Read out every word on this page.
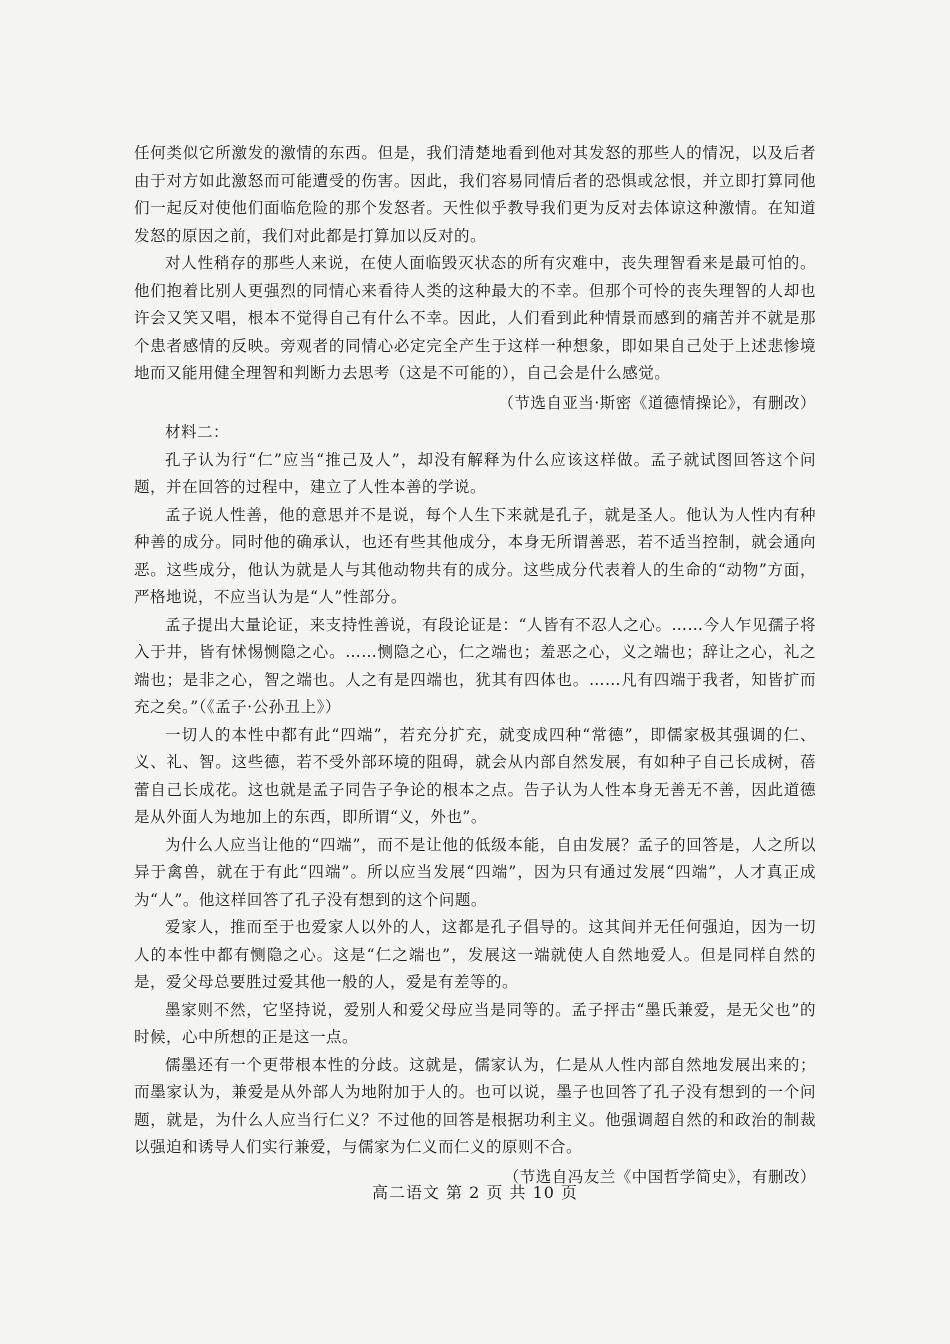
任何类似它所激发的激情的东西。但是，我们清楚地看到他对其发怒的那些人的情况，以及后者由于对方如此激怒而可能遭受的伤害。因此，我们容易同情后者的恐惧或忿恨，并立即打算同他们一起反对使他们面临危险的那个发怒者。天性似乎教导我们更为反对去体谅这种激情。在知道发怒的原因之前，我们对此都是打算加以反对的。

对人性稍存的那些人来说，在使人面临毁灭状态的所有灾难中，丧失理智看来是最可怕的。他们抱着比别人更强烈的同情心来看待人类的这种最大的不幸。但那个可怜的丧失理智的人却也许会又笑又唱，根本不觉得自己有什么不幸。因此，人们看到此种情景而感到的痛苦并不就是那个患者感情的反映。旁观者的同情心必定完全产生于这样一种想象，即如果自己处于上述悲惨境地而又能用健全理智和判断力去思考（这是不可能的），自己会是什么感觉。

（节选自亚当·斯密《道德情操论》，有删改）

材料二：

孔子认为行“仁”应当“推己及人”，却没有解释为什么应该这样做。孟子就试图回答这个问题，并在回答的过程中，建立了人性本善的学说。

孟子说人性善，他的意思并不是说，每个人生下来就是孔子，就是圣人。他认为人性内有种种善的成分。同时他的确承认，也还有些其他成分，本身无所谓善恶，若不适当控制，就会通向恶。这些成分，他认为就是人与其他动物共有的成分。这些成分代表着人的生命的“动物”方面，严格地说，不应当认为是“人”性部分。

孟子提出大量论证，来支持性善说，有段论证是：“人皆有不忍人之心。……今人乍见孺子将入于井，皆有怵惕恻隐之心。……恻隐之心，仁之端也；羞恶之心，义之端也；辞让之心，礼之端也；是非之心，智之端也。人之有是四端也，犹其有四体也。……凡有四端于我者，知皆扩而充之矣。”（《孟子·公孙丑上》）

一切人的本性中都有此“四端”，若充分扩充，就变成四种“常德”，即儒家极其强调的仁、义、礼、智。这些德，若不受外部环境的阻碍，就会从内部自然发展，有如种子自己长成树，蓓蕾自己长成花。这也就是孟子同告子争论的根本之点。告子认为人性本身无善无不善，因此道德是从外面人为地加上的东西，即所谓“义，外也”。

为什么人应当让他的“四端”，而不是让他的低级本能，自由发展？孟子的回答是，人之所以异于禽兽，就在于有此“四端”。所以应当发展“四端”，因为只有通过发展“四端”，人才真正成为“人”。他这样回答了孔子没有想到的这个问题。

爱家人，推而至于也爱家人以外的人，这都是孔子倡导的。这其间并无任何强迫，因为一切人的本性中都有恻隐之心。这是“仁之端也”，发展这一端就使人自然地爱人。但是同样自然的是，爱父母总要胜过爱其他一般的人，爱是有差等的。

墨家则不然，它坚持说，爱别人和爱父母应当是同等的。孟子抨击“墨氏兼爱，是无父也”的时候，心中所想的正是这一点。

儒墨还有一个更带根本性的分歧。这就是，儒家认为，仁是从人性内部自然地发展出来的；而墨家认为，兼爱是从外部人为地附加于人的。也可以说，墨子也回答了孔子没有想到的一个问题，就是，为什么人应当行仁义？不过他的回答是根据功利主义。他强调超自然的和政治的制裁以强迫和诱导人们实行兼爱，与儒家为仁义而仁义的原则不合。

（节选自冯友兰《中国哲学简史》，有删改）

高二语文 第 2 页 共 10 页
